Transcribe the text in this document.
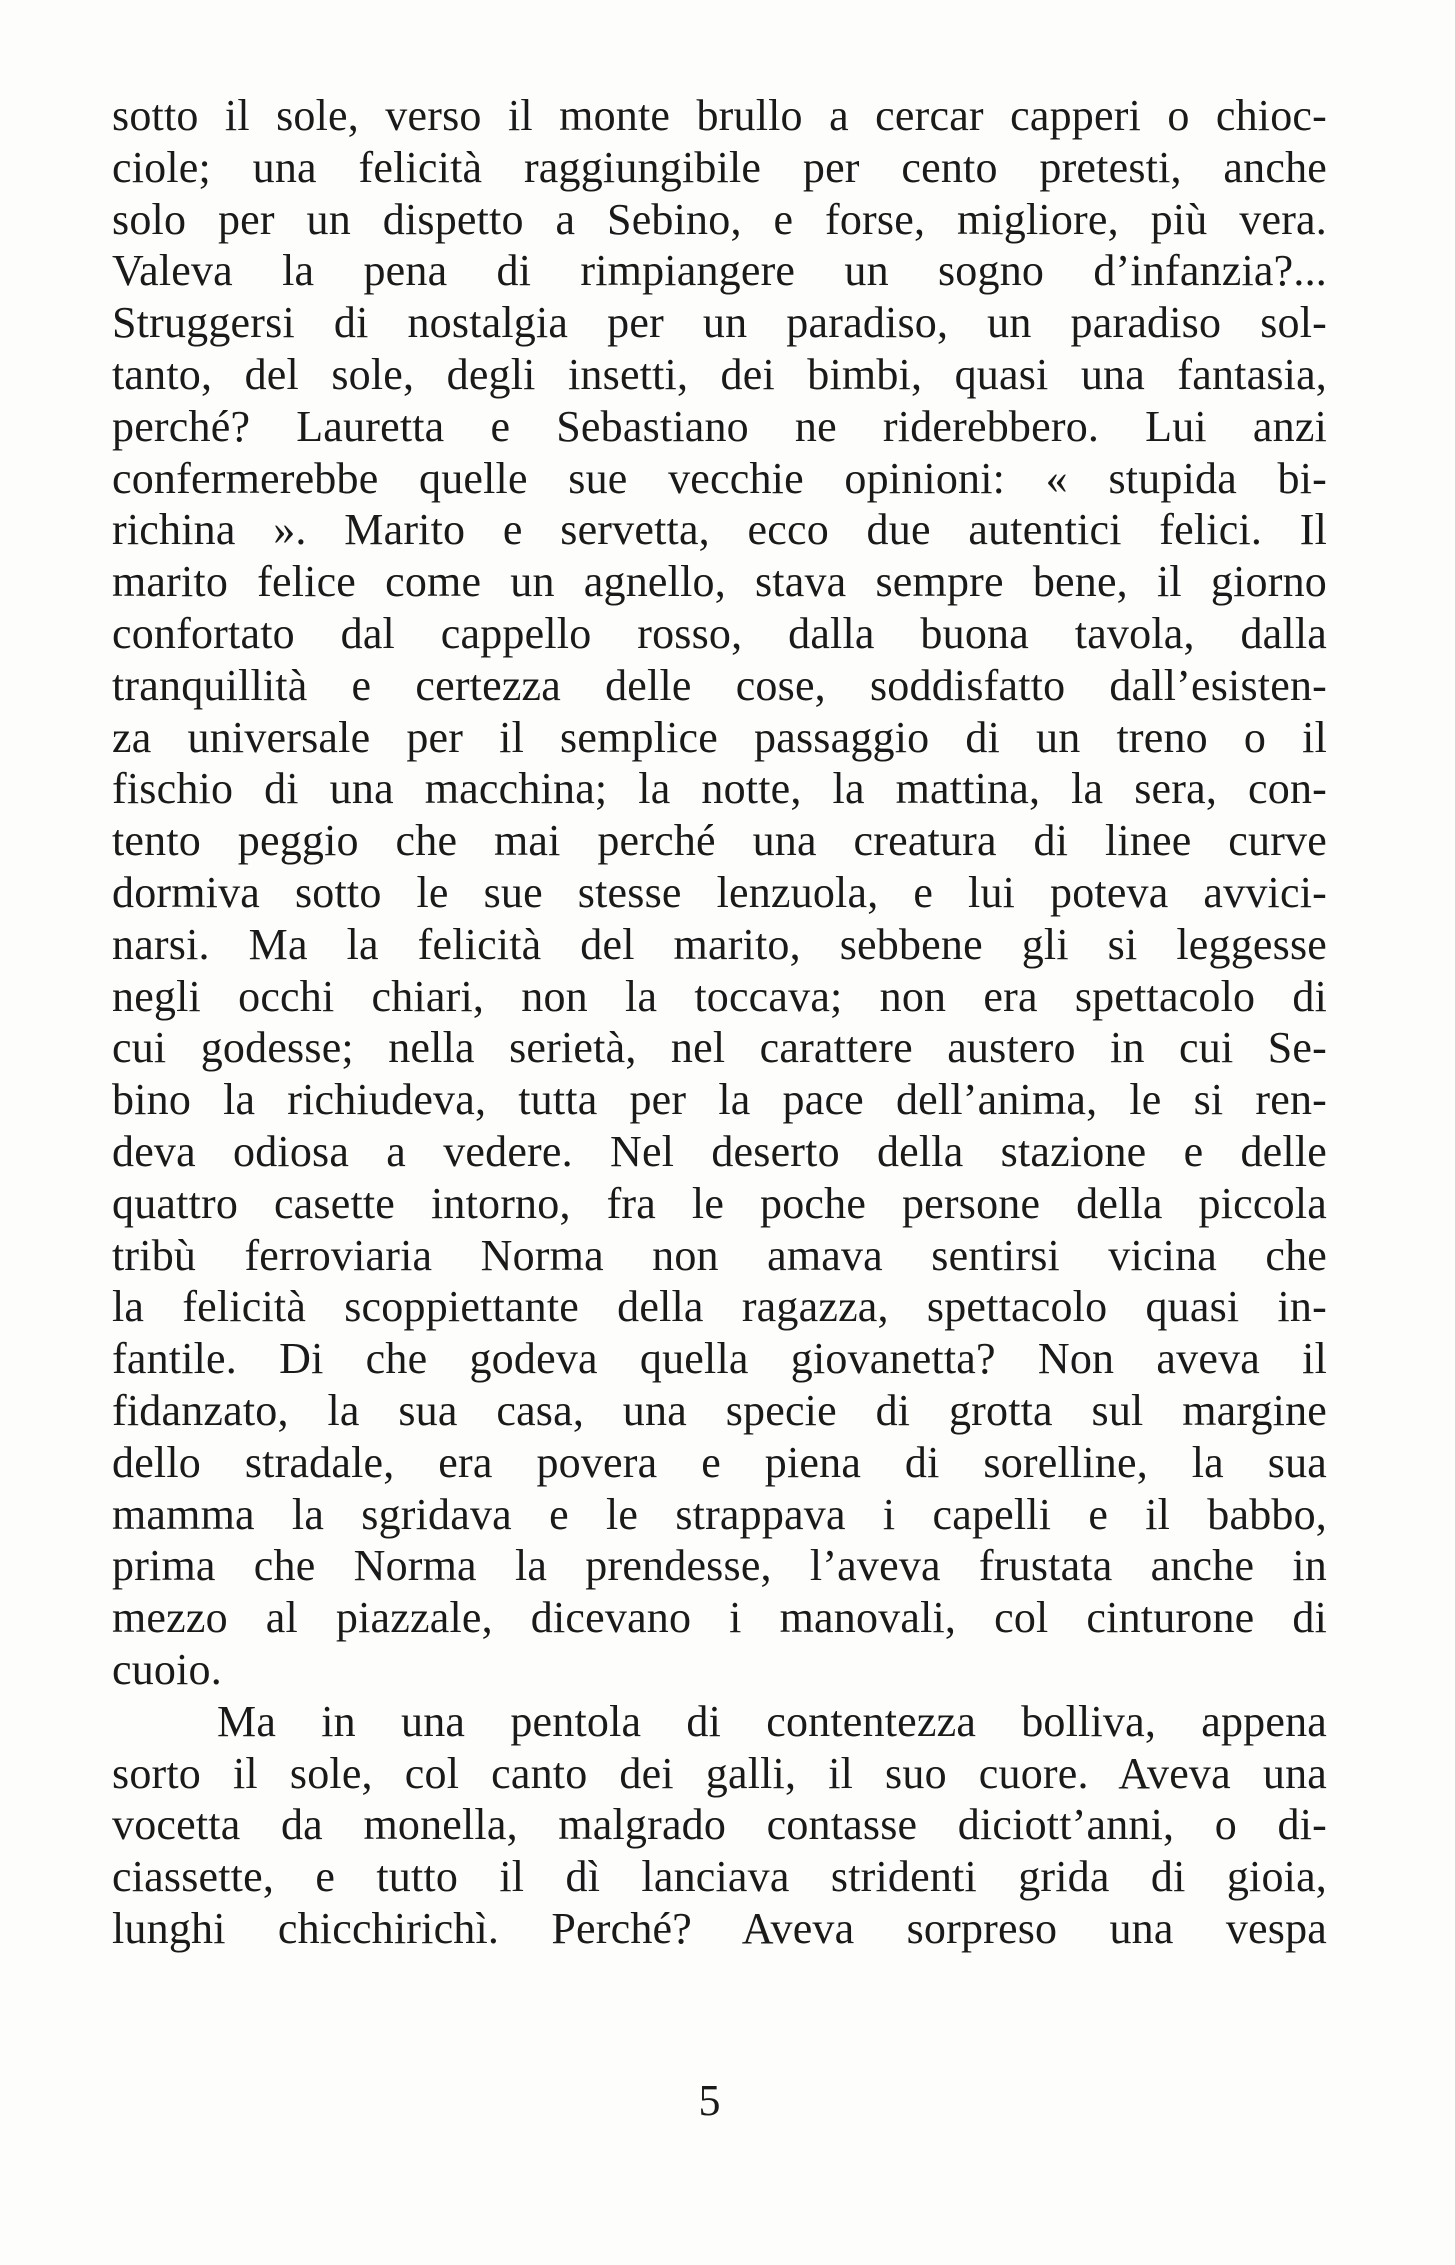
sotto il sole, verso il monte brullo a cercar capperi o chioc-
ciole; una felicità raggiungibile per cento pretesti, anche
solo per un dispetto a Sebino, e forse, migliore, più vera.
Valeva la pena di rimpiangere un sogno d’infanzia?...
Struggersi di nostalgia per un paradiso, un paradiso sol-
tanto, del sole, degli insetti, dei bimbi, quasi una fantasia,
perché? Lauretta e Sebastiano ne riderebbero. Lui anzi
confermerebbe quelle sue vecchie opinioni: « stupida bi-
richina ». Marito e servetta, ecco due autentici felici. Il
marito felice come un agnello, stava sempre bene, il giorno
confortato dal cappello rosso, dalla buona tavola, dalla
tranquillità e certezza delle cose, soddisfatto dall’esisten-
za universale per il semplice passaggio di un treno o il
fischio di una macchina; la notte, la mattina, la sera, con-
tento peggio che mai perché una creatura di linee curve
dormiva sotto le sue stesse lenzuola, e lui poteva avvici-
narsi. Ma la felicità del marito, sebbene gli si leggesse
negli occhi chiari, non la toccava; non era spettacolo di
cui godesse; nella serietà, nel carattere austero in cui Se-
bino la richiudeva, tutta per la pace dell’anima, le si ren-
deva odiosa a vedere. Nel deserto della stazione e delle
quattro casette intorno, fra le poche persone della piccola
tribù ferroviaria Norma non amava sentirsi vicina che
la felicità scoppiettante della ragazza, spettacolo quasi in-
fantile. Di che godeva quella giovanetta? Non aveva il
fidanzato, la sua casa, una specie di grotta sul margine
dello stradale, era povera e piena di sorelline, la sua
mamma la sgridava e le strappava i capelli e il babbo,
prima che Norma la prendesse, l’aveva frustata anche in
mezzo al piazzale, dicevano i manovali, col cinturone di
cuoio.
Ma in una pentola di contentezza bolliva, appena
sorto il sole, col canto dei galli, il suo cuore. Aveva una
vocetta da monella, malgrado contasse diciott’anni, o di-
ciassette, e tutto il dì lanciava stridenti grida di gioia,
lunghi chicchirichì. Perché? Aveva sorpreso una vespa
5
